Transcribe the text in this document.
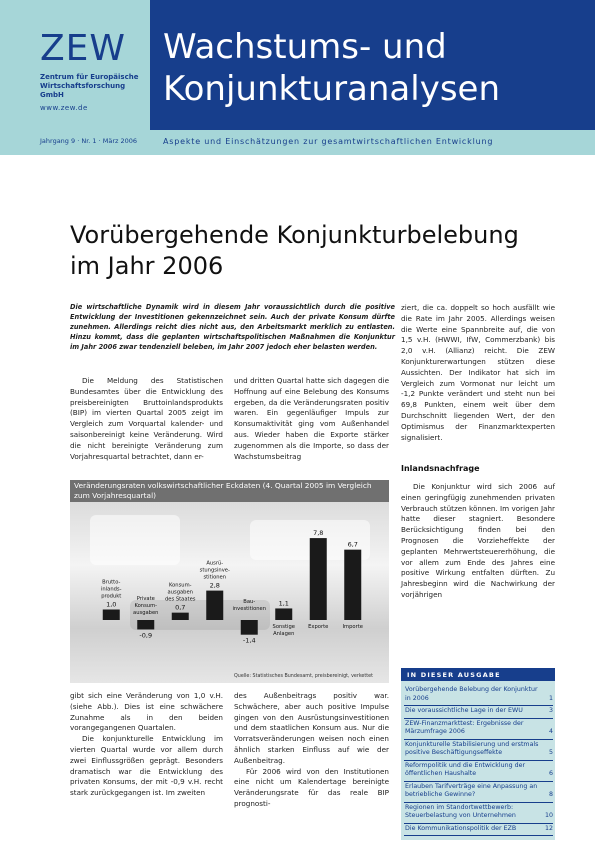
ZEW
Zentrum für Europäische
Wirtschaftsforschung GmbH
www.zew.de
Jahrgang 9 · Nr. 1 · März 2006
Wachstums- und
Konjunkturanalysen
Aspekte und Einschätzungen zur gesamtwirtschaftlichen Entwicklung
Vorübergehende Konjunkturbelebung
im Jahr 2006
Die wirtschaftliche Dynamik wird in diesem Jahr voraussichtlich durch die positive Entwicklung der Investitionen gekennzeichnet sein. Auch der private Konsum dürfte zunehmen. Allerdings reicht dies nicht aus, den Arbeitsmarkt merklich zu entlasten. Hinzu kommt, dass die geplanten wirtschaftspolitischen Maßnahmen die Konjunktur im Jahr 2006 zwar tendenziell beleben, im Jahr 2007 jedoch eher belasten werden.

Die Meldung des Statistischen Bundesamtes über die Entwicklung des preisbereinigten Bruttoinlandsprodukts (BIP) im vierten Quartal 2005 zeigt im Vergleich zum Vorquartal kalender- und saisonbereinigt keine Veränderung. Wird die nicht bereinigte Veränderung zum Vorjahresquartal betrachtet, dann er-

und dritten Quartal hatte sich dagegen die Hoffnung auf eine Belebung des Konsums ergeben, da die Veränderungsraten positiv waren. Ein gegenläufiger Impuls zur Konsumaktivität ging vom Außenhandel aus. Wieder haben die Exporte stärker zugenommen als die Importe, so dass der Wachstumsbeitrag

ziert, die ca. doppelt so hoch ausfällt wie die Rate im Jahr 2005. Allerdings weisen die Werte eine Spannbreite auf, die von 1,5 v.H. (HWWI, IfW, Commerzbank) bis 2,0 v.H. (Allianz) reicht. Die ZEW Konjunkturerwartungen stützen diese Aussichten. Der Indikator hat sich im Vergleich zum Vormonat nur leicht um -1,2 Punkte verändert und steht nun bei 69,8 Punkten, einem weit über dem Durchschnitt liegenden Wert, der den Optimismus der Finanzmarktexperten signalisiert.

Inlandsnachfrage

Die Konjunktur wird sich 2006 auf einen geringfügig zunehmenden privaten Verbrauch stützen können. Im vorigen Jahr hatte dieser stagniert. Besondere Berücksichtigung finden bei den Prognosen die Vorzieheffekte der geplanten Mehrwertsteuererhöhung, die vor allem zum Ende des Jahres eine positive Wirkung entfalten dürften. Zu Jahresbeginn wird die Nachwirkung der vorjährigen

Veränderungsraten volkswirtschaftlicher Eckdaten (4. Quartal 2005 im Vergleich zum Vorjahresquartal)
1,0
Brutto-inlands-produkt
-0,9
Private Konsum-ausgaben
0,7
Konsum-ausgaben des Staates
2,8
Ausrü-stungsinve-stitionen
-1,4
Bau-investitionen
1,1
Sonstige Anlagen
7,8
Exporte
6,7
Importe
Quelle: Statistisches Bundesamt, preisbereinigt, verkettet

gibt sich eine Veränderung von 1,0 v.H. (siehe Abb.). Dies ist eine schwächere Zunahme als in den beiden vorangegangenen Quartalen.

Die konjunkturelle Entwicklung im vierten Quartal wurde vor allem durch zwei Einflussgrößen geprägt. Besonders dramatisch war die Entwicklung des privaten Konsums, der mit -0,9 v.H. recht stark zurückgegangen ist. Im zweiten

des Außenbeitrags positiv war. Schwächere, aber auch positive Impulse gingen von den Ausrüstungsinvestitionen und dem staatlichen Konsum aus. Nur die Vorratsveränderungen weisen noch einen ähnlich starken Einfluss auf wie der Außenbeitrag.

Für 2006 wird von den Institutionen eine nicht um Kalendertage bereinigte Veränderungsrate für das reale BIP prognosti-

IN DIESER AUSGABE
Vorübergehende Belebung der Konjunktur in 2006	1
Die voraussichtliche Lage in der EWU	3
ZEW-Finanzmarkttest: Ergebnisse der Märzumfrage 2006	4
Konjunkturelle Stabilisierung und erstmals positive Beschäftigungseffekte	5
Reformpolitik und die Entwicklung der öffentlichen Haushalte	6
Erlauben Tarifverträge eine Anpassung an betriebliche Gewinne?	8
Regionen im Standortwettbewerb: Steuerbelastung von Unternehmen	10
Die Kommunikationspolitik der EZB	12
